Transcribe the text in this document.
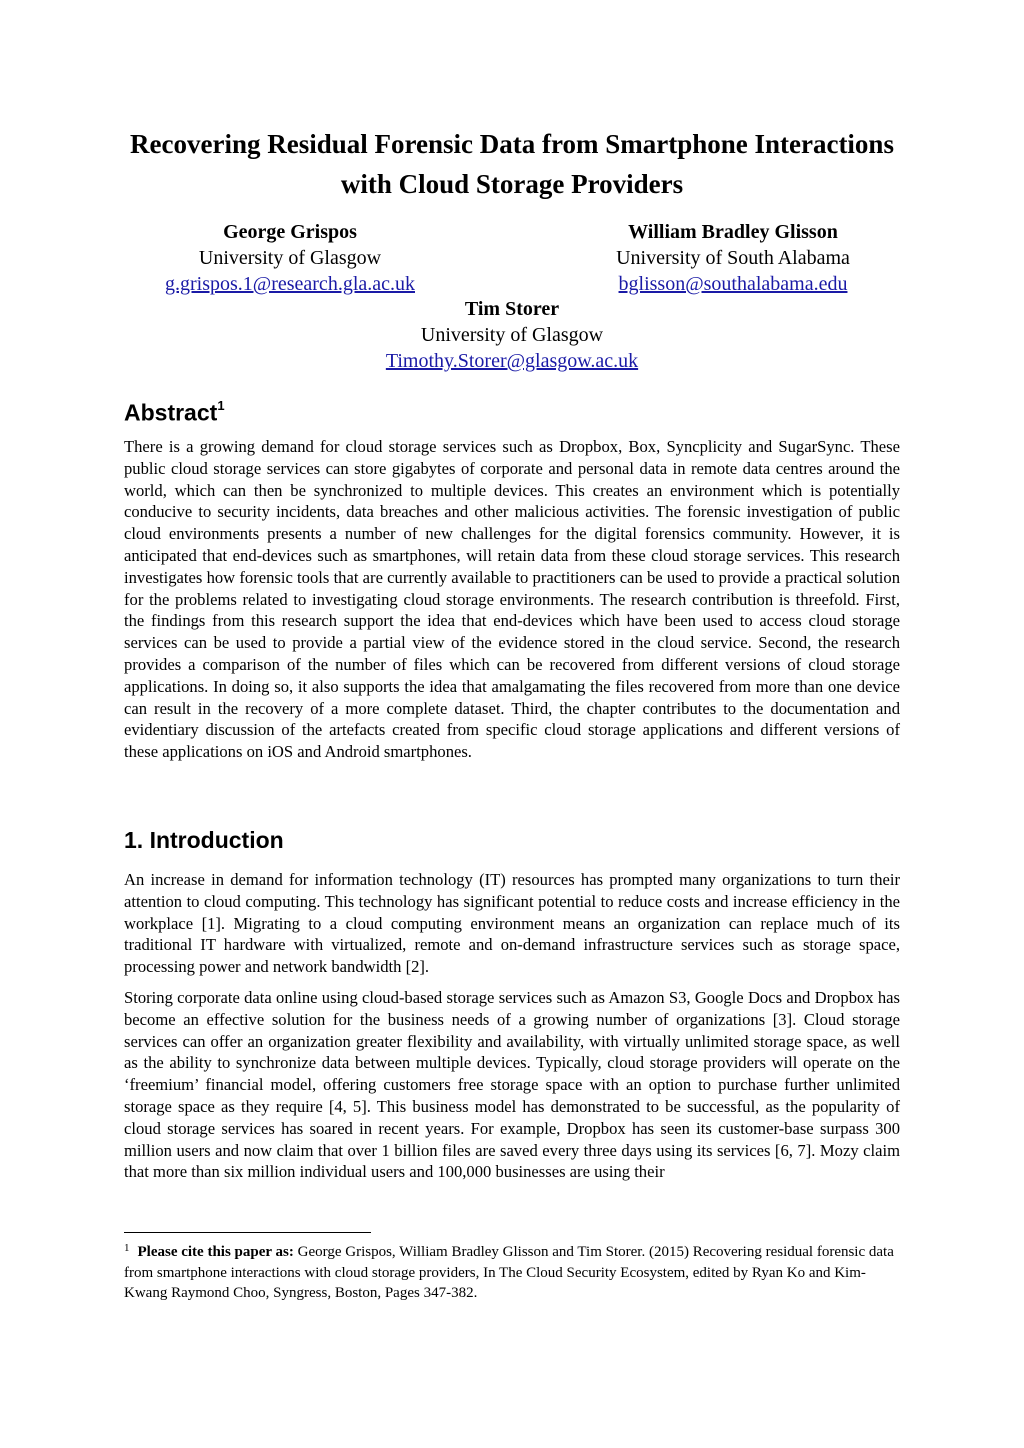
Recovering Residual Forensic Data from Smartphone Interactions with Cloud Storage Providers
George Grispos
University of Glasgow
g.grispos.1@research.gla.ac.uk
William Bradley Glisson
University of South Alabama
bglisson@southalabama.edu
Tim Storer
University of Glasgow
Timothy.Storer@glasgow.ac.uk
Abstract$^1$

There is a growing demand for cloud storage services such as Dropbox, Box, Syncplicity and SugarSync. These public cloud storage services can store gigabytes of corporate and personal data in remote data centres around the world, which can then be synchronized to multiple devices. This creates an environment which is potentially conducive to security incidents, data breaches and other malicious activities. The forensic investigation of public cloud environments presents a number of new challenges for the digital forensics community. However, it is anticipated that end-devices such as smartphones, will retain data from these cloud storage services. This research investigates how forensic tools that are currently available to practitioners can be used to provide a practical solution for the problems related to investigating cloud storage environments. The research contribution is threefold. First, the findings from this research support the idea that end-devices which have been used to access cloud storage services can be used to provide a partial view of the evidence stored in the cloud service. Second, the research provides a comparison of the number of files which can be recovered from different versions of cloud storage applications. In doing so, it also supports the idea that amalgamating the files recovered from more than one device can result in the recovery of a more complete dataset. Third, the chapter contributes to the documentation and evidentiary discussion of the artefacts created from specific cloud storage applications and different versions of these applications on iOS and Android smartphones.

1. Introduction

An increase in demand for information technology (IT) resources has prompted many organizations to turn their attention to cloud computing. This technology has significant potential to reduce costs and increase efficiency in the workplace [1]. Migrating to a cloud computing environment means an organization can replace much of its traditional IT hardware with virtualized, remote and on-demand infrastructure services such as storage space, processing power and network bandwidth [2].

Storing corporate data online using cloud-based storage services such as Amazon S3, Google Docs and Dropbox has become an effective solution for the business needs of a growing number of organizations [3]. Cloud storage services can offer an organization greater flexibility and availability, with virtually unlimited storage space, as well as the ability to synchronize data between multiple devices. Typically, cloud storage providers will operate on the ‘freemium’ financial model, offering customers free storage space with an option to purchase further unlimited storage space as they require [4, 5]. This business model has demonstrated to be successful, as the popularity of cloud storage services has soared in recent years. For example, Dropbox has seen its customer-base surpass 300 million users and now claim that over 1 billion files are saved every three days using its services [6, 7]. Mozy claim that more than six million individual users and 100,000 businesses are using their

$^1$ Please cite this paper as: George Grispos, William Bradley Glisson and Tim Storer. (2015) Recovering residual forensic data from smartphone interactions with cloud storage providers, In The Cloud Security Ecosystem, edited by Ryan Ko and Kim-Kwang Raymond Choo, Syngress, Boston, Pages 347-382.
